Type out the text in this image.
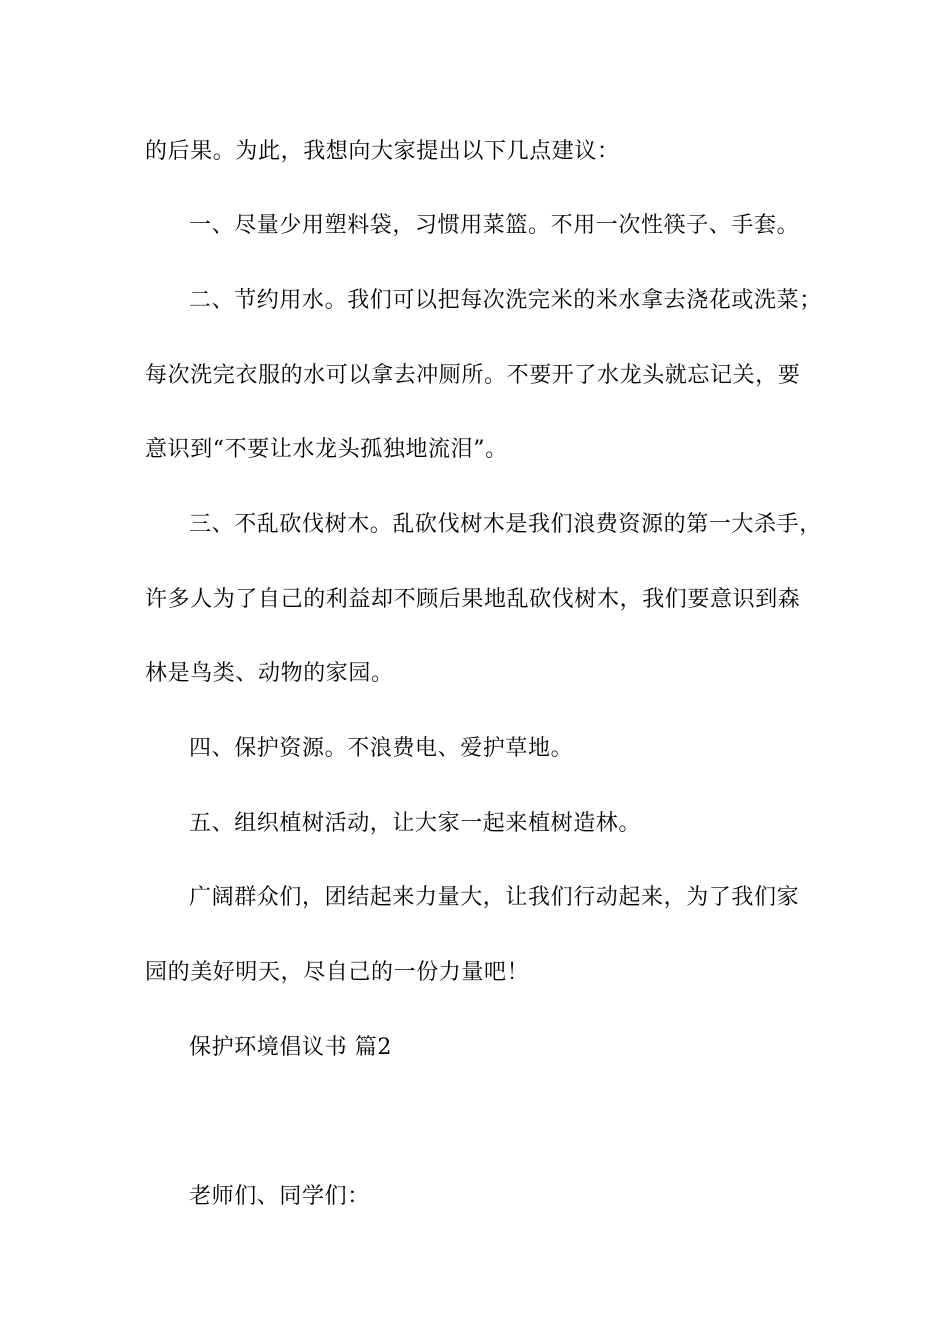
的后果。为此，我想向大家提出以下几点建议：
一、尽量少用塑料袋，习惯用菜篮。不用一次性筷子、手套。
二、节约用水。我们可以把每次洗完米的米水拿去浇花或洗菜；
每次洗完衣服的水可以拿去冲厕所。不要开了水龙头就忘记关，要
意识到“不要让水龙头孤独地流泪”。
三、不乱砍伐树木。乱砍伐树木是我们浪费资源的第一大杀手，
许多人为了自己的利益却不顾后果地乱砍伐树木，我们要意识到森
林是鸟类、动物的家园。
四、保护资源。不浪费电、爱护草地。
五、组织植树活动，让大家一起来植树造林。
广阔群众们，团结起来力量大，让我们行动起来，为了我们家
园的美好明天，尽自己的一份力量吧！
保护环境倡议书 篇2
老师们、同学们：
